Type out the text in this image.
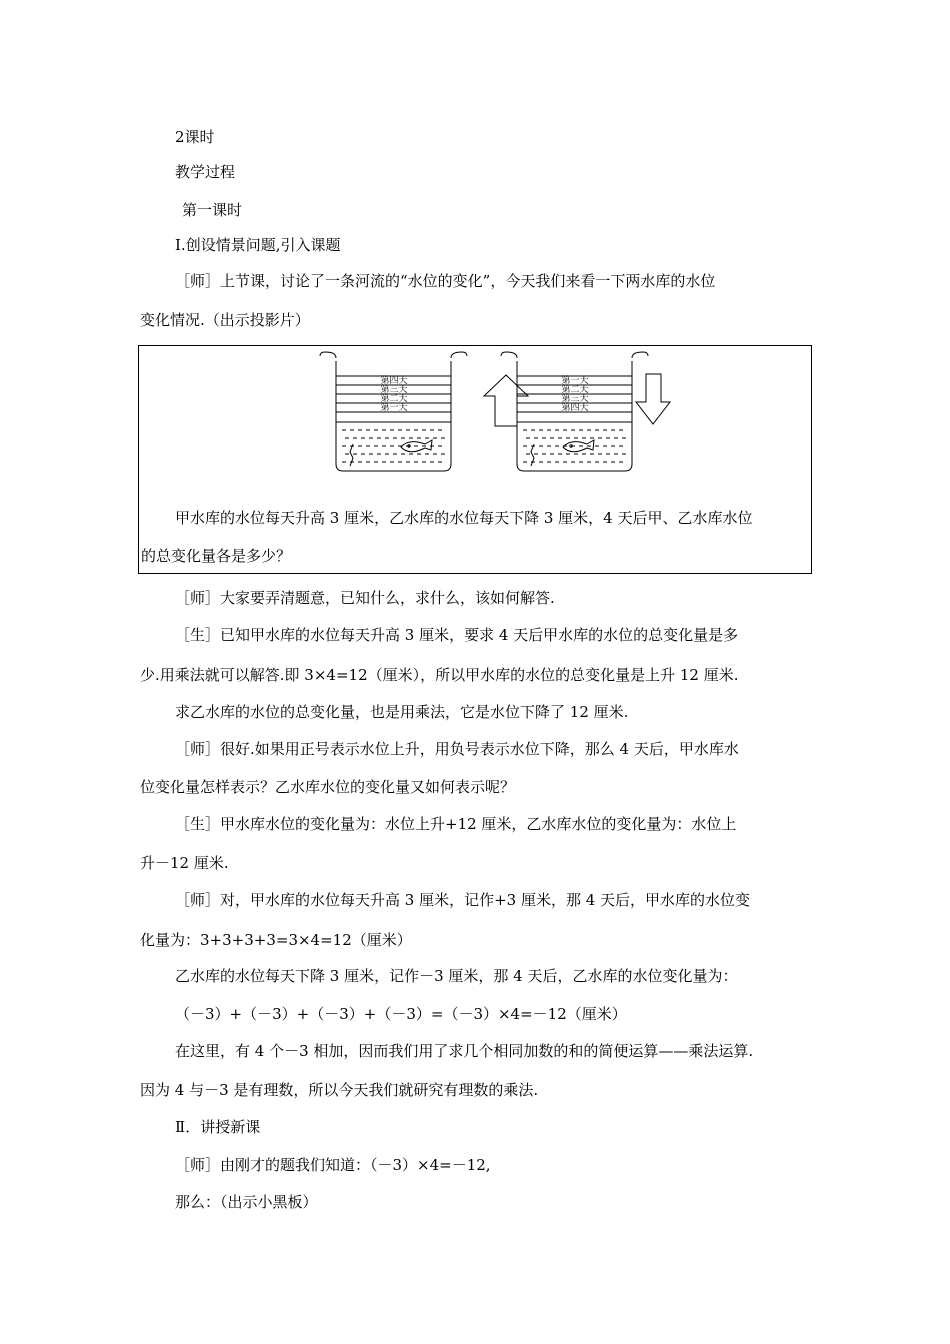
2课时
教学过程
第一课时
Ⅰ.创设情景问题,引入课题
［师］上节课，讨论了一条河流的“水位的变化”，今天我们来看一下两水库的水位
变化情况.（出示投影片）
第四天
第三天
第二天
第一天
第一天
第二天
第三天
第四天
甲水库的水位每天升高 3 厘米，乙水库的水位每天下降 3 厘米，4 天后甲、乙水库水位
的总变化量各是多少？
［师］大家要弄清题意，已知什么，求什么，该如何解答.
［生］已知甲水库的水位每天升高 3 厘米，要求 4 天后甲水库的水位的总变化量是多
少.用乘法就可以解答.即 3×4=12（厘米），所以甲水库的水位的总变化量是上升 12 厘米.
求乙水库的水位的总变化量，也是用乘法，它是水位下降了 12 厘米.
［师］很好.如果用正号表示水位上升，用负号表示水位下降，那么 4 天后，甲水库水
位变化量怎样表示？乙水库水位的变化量又如何表示呢？
［生］甲水库水位的变化量为：水位上升+12 厘米，乙水库水位的变化量为：水位上
升－12 厘米.
［师］对，甲水库的水位每天升高 3 厘米，记作+3 厘米，那 4 天后，甲水库的水位变
化量为：3+3+3+3=3×4=12（厘米）
乙水库的水位每天下降 3 厘米，记作－3 厘米，那 4 天后，乙水库的水位变化量为：
（－3）+（－3）+（－3）+（－3）=（－3）×4=－12（厘米）
在这里，有 4 个－3 相加，因而我们用了求几个相同加数的和的简便运算——乘法运算.
因为 4 与－3 是有理数，所以今天我们就研究有理数的乘法.
Ⅱ．讲授新课
［师］由刚才的题我们知道：（－3）×4=－12,
那么：（出示小黑板）
